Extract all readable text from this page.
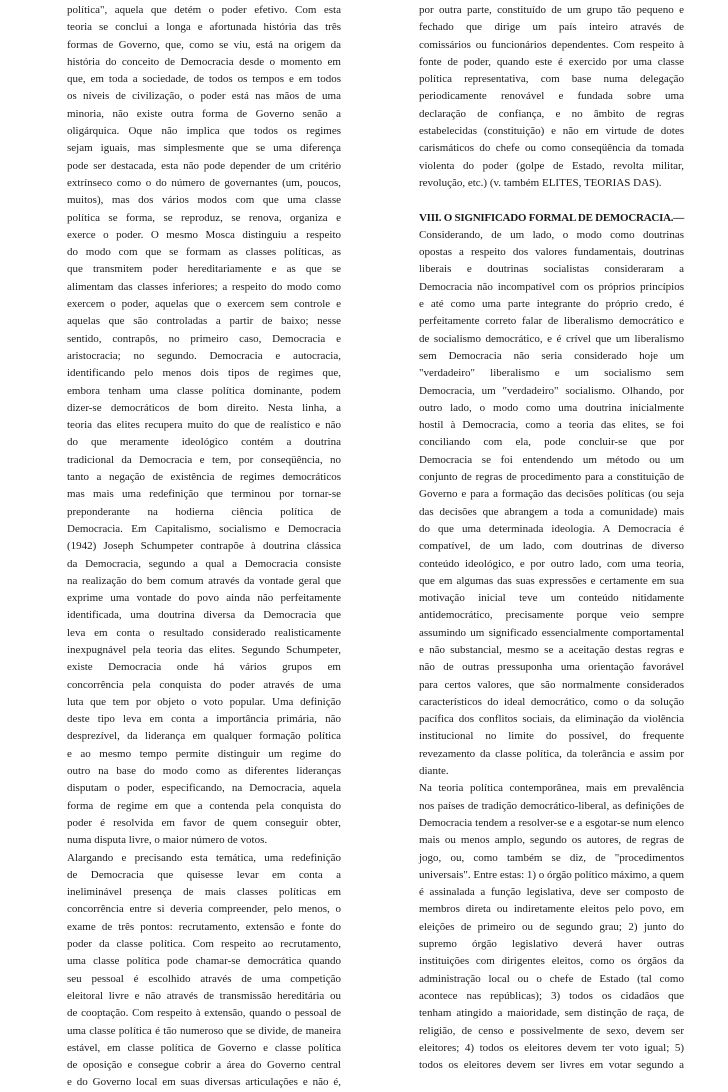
política", aquela que detém o poder efetivo. Com esta
teoria se conclui a longa e afortunada história das três
formas de Governo, que, como se viu, está na origem da
história do conceito de Democracia desde o momento em
que, em toda a sociedade, de todos os tempos e em todos
os níveis de civilização, o poder está nas mãos de uma
minoria, não existe outra forma de Governo senão a
oligárquica. Oque não implica que todos os regimes
sejam iguais, mas simplesmente que se uma diferença
pode ser destacada, esta não pode depender de um critério
extrínseco como o do número de governantes (um, poucos,
muitos), mas dos vários modos com que uma classe
política se forma, se reproduz, se renova, organiza e
exerce o poder. O mesmo Mosca distinguiu a respeito
do modo com que se formam as classes políticas, as
que transmitem poder hereditariamente e as que se
alimentam das classes inferiores; a respeito do modo como
exercem o poder, aquelas que o exercem sem controle e
aquelas que são controladas a partir de baixo; nesse
sentido, contrapôs, no primeiro caso, Democracia e
aristocracia; no segundo. Democracia e autocracia,
identificando pelo menos dois tipos de regimes que,
embora tenham uma classe política dominante, podem
dizer-se democráticos de bom direito. Nesta linha, a
teoria das elites recupera muito do que de realístico e não
do que meramente ideológico contém a doutrina
tradicional da Democracia e tem, por conseqüência, no
tanto a negação de existência de regimes democráticos
mas mais uma redefinição que terminou por tornar-se
preponderante na hodierna ciência política de
Democracia. Em Capitalismo, socialismo e Democracia
(1942) Joseph Schumpeter contrapõe à doutrina clássica
da Democracia, segundo a qual a Democracia consiste
na realização do bem comum através da vontade geral que
exprime uma vontade do povo ainda não perfeitamente
identificada, uma doutrina diversa da Democracia que
leva em conta o resultado considerado realisticamente
inexpugnável pela teoria das elites. Segundo Schumpeter,
existe Democracia onde há vários grupos em
concorrência pela conquista do poder através de uma
luta que tem por objeto o voto popular. Uma definição
deste tipo leva em conta a importância primária, não
desprezível, da liderança em qualquer formação política
e ao mesmo tempo permite distinguir um regime do
outro na base do modo como as diferentes lideranças
disputam o poder, especificando, na Democracia, aquela
forma de regime em que a contenda pela conquista do
poder é resolvida em favor de quem conseguir obter,
numa disputa livre, o maior número de votos.
Alargando e precisando esta temática, uma redefinição
de Democracia que quisesse levar em conta a
ineliminável presença de mais classes políticas em
concorrência entre si deveria compreender, pelo menos, o
exame de três pontos: recrutamento, extensão e fonte do
poder da classe política. Com respeito ao recrutamento,
uma classe política pode chamar-se democrática quando
seu pessoal é escolhido através de uma competição
eleitoral livre e não através de transmissão hereditária ou
de cooptação. Com respeito à extensão, quando o pessoal de
uma classe política é tão numeroso que se divide, de maneira
estável, em classe política de Governo e classe política
de oposição e consegue cobrir a área do Governo central
e do Governo local em suas diversas articulações e não é,
por outra parte, constituído de um grupo tão pequeno e
fechado que dirige um país inteiro através de
comissários ou funcionários dependentes. Com respeito à
fonte de poder, quando este é exercido por uma classe
política representativa, com base numa delegação
periodicamente renovável e fundada sobre uma
declaração de confiança, e no âmbito de regras
estabelecidas (constituição) e não em virtude de dotes
carismáticos do chefe ou como conseqüência da tomada
violenta do poder (golpe de Estado, revolta militar,
revolução, etc.) (v. também ELITES, TEORIAS DAS).
VIII. O SIGNIFICADO FORMAL DE DEMOCRACIA.—
Considerando, de um lado, o modo como doutrinas
opostas a respeito dos valores fundamentais, doutrinas
liberais e doutrinas socialistas consideraram a
Democracia não incompatível com os próprios princípios
e até como uma parte integrante do próprio credo, é
perfeitamente correto falar de liberalismo democrático e
de socialismo democrático, e é crível que um liberalismo
sem Democracia não seria considerado hoje um
"verdadeiro" liberalismo e um socialismo sem
Democracia, um "verdadeiro" socialismo. Olhando, por
outro lado, o modo como uma doutrina inicialmente
hostil à Democracia, como a teoria das elites, se foi
conciliando com ela, pode concluir-se que por
Democracia se foi entendendo um método ou um
conjunto de regras de procedimento para a constituição de
Governo e para a formação das decisões políticas (ou seja
das decisões que abrangem a toda a comunidade) mais
do que uma determinada ideologia. A Democracia é
compatível, de um lado, com doutrinas de diverso
conteúdo ideológico, e por outro lado, com uma teoria,
que em algumas das suas expressões e certamente em sua
motivação inicial teve um conteúdo nitidamente
antidemocrático, precisamente porque veio sempre
assumindo um significado essencialmente comportamental
e não substancial, mesmo se a aceitação destas regras e
não de outras pressuponha uma orientação favorável
para certos valores, que são normalmente considerados
característicos do ideal democrático, como o da solução
pacífica dos conflitos sociais, da eliminação da violência
institucional no limite do possível, do frequente
revezamento da classe política, da tolerância e assim por
diante.
Na teoria política contemporânea, mais em prevalência
nos países de tradição democrático-liberal, as definições de
Democracia tendem a resolver-se e a esgotar-se num elenco
mais ou menos amplo, segundo os autores, de regras de
jogo, ou, como também se diz, de "procedimentos
universais". Entre estas: 1) o órgão político máximo, a quem
é assinalada a função legislativa, deve ser composto de
membros direta ou indiretamente eleitos pelo povo, em
eleições de primeiro ou de segundo grau; 2) junto do
supremo órgão legislativo deverá haver outras
instituições com dirigentes eleitos, como os órgãos da
administração local ou o chefe de Estado (tal como
acontece nas repúblicas); 3) todos os cidadãos que
tenham atingido a maioridade, sem distinção de raça, de
religião, de censo e possivelmente de sexo, devem ser
eleitores; 4) todos os eleitores devem ter voto igual; 5)
todos os eleitores devem ser livres em votar segundo a
